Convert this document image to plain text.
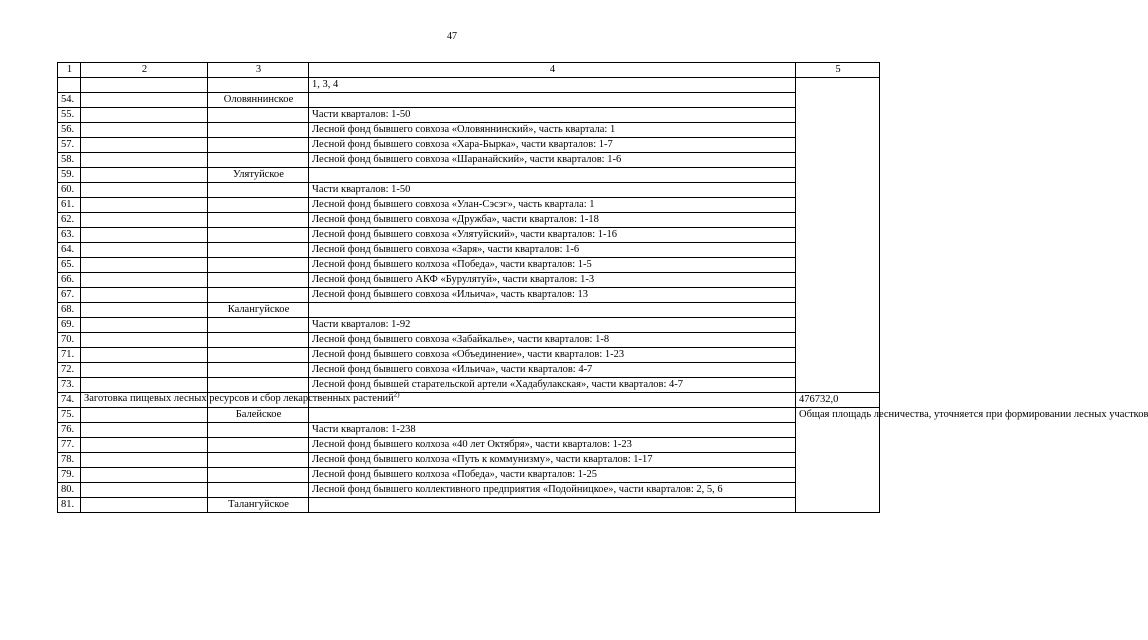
47
1	2	3	4	5
			1, 3, 4	
54.		Оловяннинское		
55.			Части кварталов: 1-50	
56.			Лесной фонд бывшего совхоза «Оловяннинский», часть квартала: 1	
57.			Лесной фонд бывшего совхоза «Хара-Бырка», части кварталов: 1-7	
58.			Лесной фонд бывшего совхоза «Шаранайский», части кварталов: 1-6	
59.		Улятуйское		
60.			Части кварталов: 1-50	
61.			Лесной фонд бывшего совхоза «Улан-Сэсэг», часть квартала: 1	
62.			Лесной фонд бывшего совхоза «Дружба», части кварталов: 1-18	
63.			Лесной фонд бывшего совхоза «Улятуйский», части кварталов: 1-16	
64.			Лесной фонд бывшего совхоза «Заря», части кварталов: 1-6	
65.			Лесной фонд бывшего колхоза «Победа», части кварталов: 1-5	
66.			Лесной фонд бывшего АКФ «Бурулятуй», части кварталов: 1-3	
67.			Лесной фонд бывшего совхоза «Ильича», часть кварталов: 13	
68.		Калангуйское		
69.			Части кварталов: 1-92	
70.			Лесной фонд бывшего совхоза «Забайкалье», части кварталов: 1-8	
71.			Лесной фонд бывшего совхоза «Объединение», части кварталов: 1-23	
72.			Лесной фонд бывшего совхоза «Ильича», части кварталов: 4-7	
73.			Лесной фонд бывшей старательской артели «Хадабулакская», части кварталов: 4-7	
74.	Заготовка пищевых лесных ресурсов и сбор лекарственных растений$^{2)}$			476732,0
75.		Балейское		Общая площадь лесничества, уточняется при формировании лесных участков
76.			Части кварталов: 1-238	
77.			Лесной фонд бывшего колхоза «40 лет Октября», части кварталов: 1-23	
78.			Лесной фонд бывшего колхоза «Путь к коммунизму», части кварталов: 1-17	
79.			Лесной фонд бывшего колхоза «Победа», части кварталов: 1-25	
80.			Лесной фонд бывшего коллективного предприятия «Подойницкое», части кварталов: 2, 5, 6	
81.		Талангуйское		
